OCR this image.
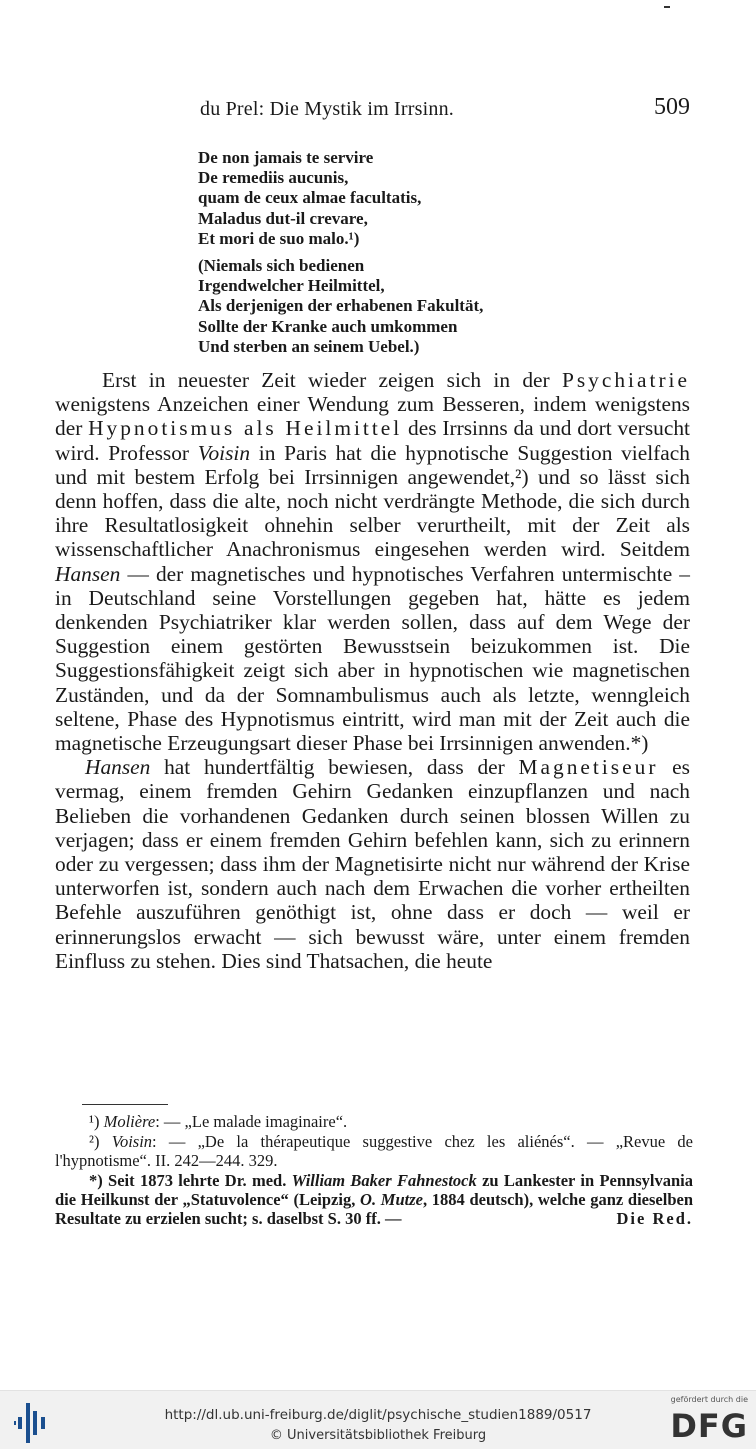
du Prel: Die Mystik im Irrsinn.	509
De non jamais te servire
De remediis aucunis,
quam de ceux almae facultatis,
Maladus dut-il crevare,
Et mori de suo malo.¹)
(Niemals sich bedienen
Irgendwelcher Heilmittel,
Als derjenigen der erhabenen Fakultät,
Sollte der Kranke auch umkommen
Und sterben an seinem Uebel.)

Erst in neuester Zeit wieder zeigen sich in der Psychiatrie wenigstens Anzeichen einer Wendung zum Besseren, indem wenigstens der Hypnotismus als Heilmittel des Irrsinns da und dort versucht wird. Professor Voisin in Paris hat die hypnotische Suggestion vielfach und mit bestem Erfolg bei Irrsinnigen angewendet,²) und so lässt sich denn hoffen, dass die alte, noch nicht verdrängte Methode, die sich durch ihre Resultatlosigkeit ohnehin selber verurtheilt, mit der Zeit als wissenschaftlicher Anachronismus eingesehen werden wird. Seitdem Hansen — der magnetisches und hypnotisches Verfahren untermischte – in Deutschland seine Vorstellungen gegeben hat, hätte es jedem denkenden Psychiatriker klar werden sollen, dass auf dem Wege der Suggestion einem gestörten Bewusstsein beizukommen ist. Die Suggestionsfähigkeit zeigt sich aber in hypnotischen wie magnetischen Zuständen, und da der Somnambulismus auch als letzte, wenngleich seltene, Phase des Hypnotismus eintritt, wird man mit der Zeit auch die magnetische Erzeugungsart dieser Phase bei Irrsinnigen anwenden.*)

Hansen hat hundertfältig bewiesen, dass der Magnetiseur es vermag, einem fremden Gehirn Gedanken einzupflanzen und nach Belieben die vorhandenen Gedanken durch seinen blossen Willen zu verjagen; dass er einem fremden Gehirn befehlen kann, sich zu erinnern oder zu vergessen; dass ihm der Magnetisirte nicht nur während der Krise unterworfen ist, sondern auch nach dem Erwachen die vorher ertheilten Befehle auszuführen genöthigt ist, ohne dass er doch — weil er erinnerungslos erwacht — sich bewusst wäre, unter einem fremden Einfluss zu stehen. Dies sind Thatsachen, die heute

¹) Molière: — „Le malade imaginaire“.

²) Voisin: — „De la thérapeutique suggestive chez les aliénés“. — „Revue de l'hypnotisme“. II. 242—244. 329.

*) Seit 1873 lehrte Dr. med. William Baker Fahnestock zu Lankester in Pennsylvania die Heilkunst der „Statuvolence“ (Leipzig, O. Mutze, 1884 deutsch), welche ganz dieselben Resultate zu erzielen sucht; s. daselbst S. 30 ff. —	Die Red.

http://dl.ub.uni-freiburg.de/diglit/psychische_studien1889/0517
© Universitätsbibliothek Freiburg
gefördert durch die
DFG
